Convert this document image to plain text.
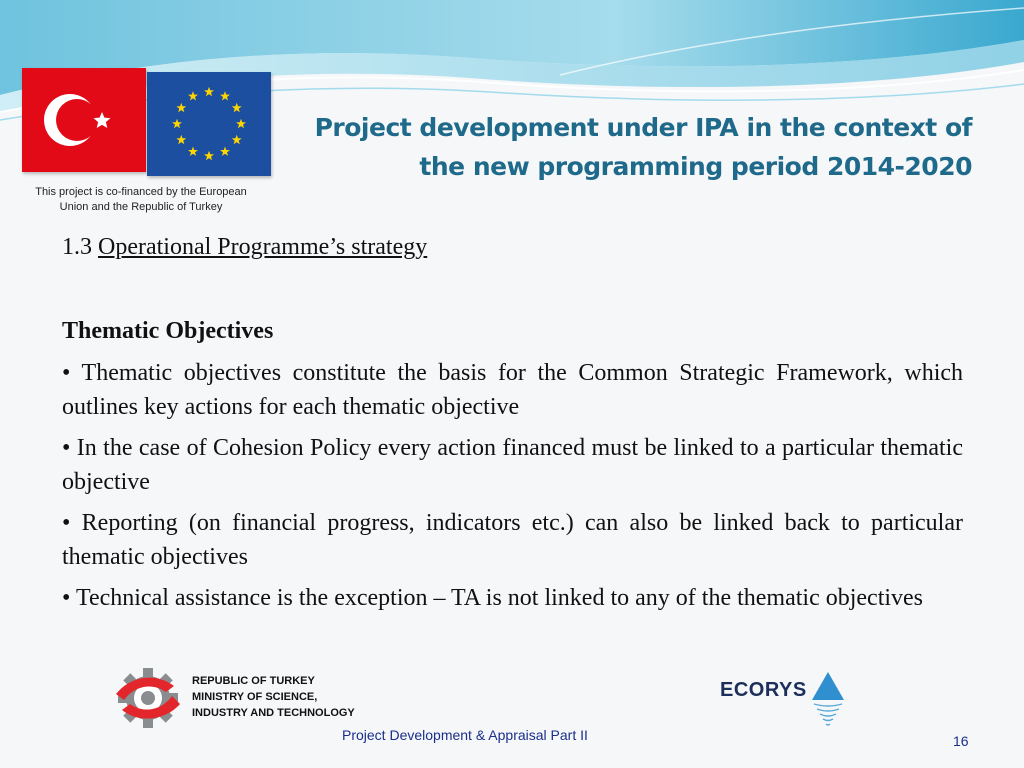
This project is co-financed by the European
Union and the Republic of Turkey
Project development under IPA in the context of
the new programming period 2014-2020
1.3 Operational Programme’s strategy
Thematic Objectives
• Thematic objectives constitute the basis for the Common Strategic Framework, which outlines key actions for each thematic objective
• In the case of Cohesion Policy every action financed must be linked to a particular thematic objective
• Reporting (on financial progress, indicators etc.) can also be linked back to particular thematic objectives
• Technical assistance is the exception – TA is not linked to any of the thematic objectives
REPUBLIC OF TURKEY
MINISTRY OF SCIENCE,
INDUSTRY AND TECHNOLOGY
ECORYS
Project Development & Appraisal Part II	16
